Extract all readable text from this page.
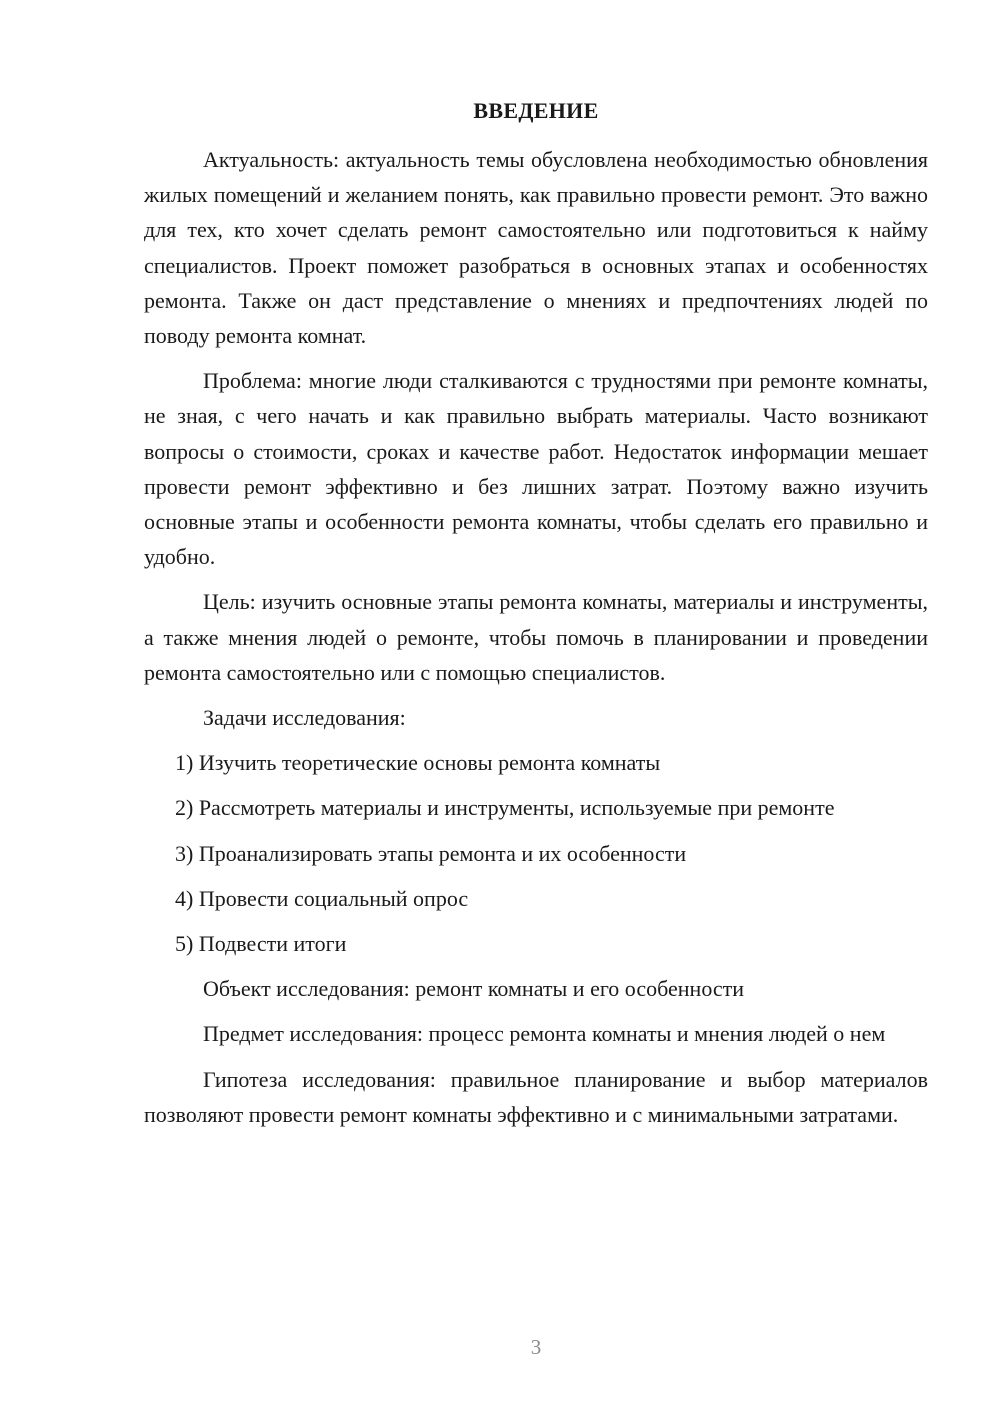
ВВЕДЕНИЕ

Актуальность: актуальность темы обусловлена необходимостью обновления жилых помещений и желанием понять, как правильно провести ремонт. Это важно для тех, кто хочет сделать ремонт самостоятельно или подготовиться к найму специалистов. Проект поможет разобраться в основных этапах и особенностях ремонта. Также он даст представление о мнениях и предпочтениях людей по поводу ремонта комнат.

Проблема: многие люди сталкиваются с трудностями при ремонте комнаты, не зная, с чего начать и как правильно выбрать материалы. Часто возникают вопросы о стоимости, сроках и качестве работ. Недостаток информации мешает провести ремонт эффективно и без лишних затрат. Поэтому важно изучить основные этапы и особенности ремонта комнаты, чтобы сделать его правильно и удобно.

Цель: изучить основные этапы ремонта комнаты, материалы и инструменты, а также мнения людей о ремонте, чтобы помочь в планировании и проведении ремонта самостоятельно или с помощью специалистов.

Задачи исследования:

1) Изучить теоретические основы ремонта комнаты

2) Рассмотреть материалы и инструменты, используемые при ремонте

3) Проанализировать этапы ремонта и их особенности

4) Провести социальный опрос

5) Подвести итоги

Объект исследования: ремонт комнаты и его особенности

Предмет исследования: процесс ремонта комнаты и мнения людей о нем

Гипотеза исследования: правильное планирование и выбор материалов позволяют провести ремонт комнаты эффективно и с минимальными затратами.

3
